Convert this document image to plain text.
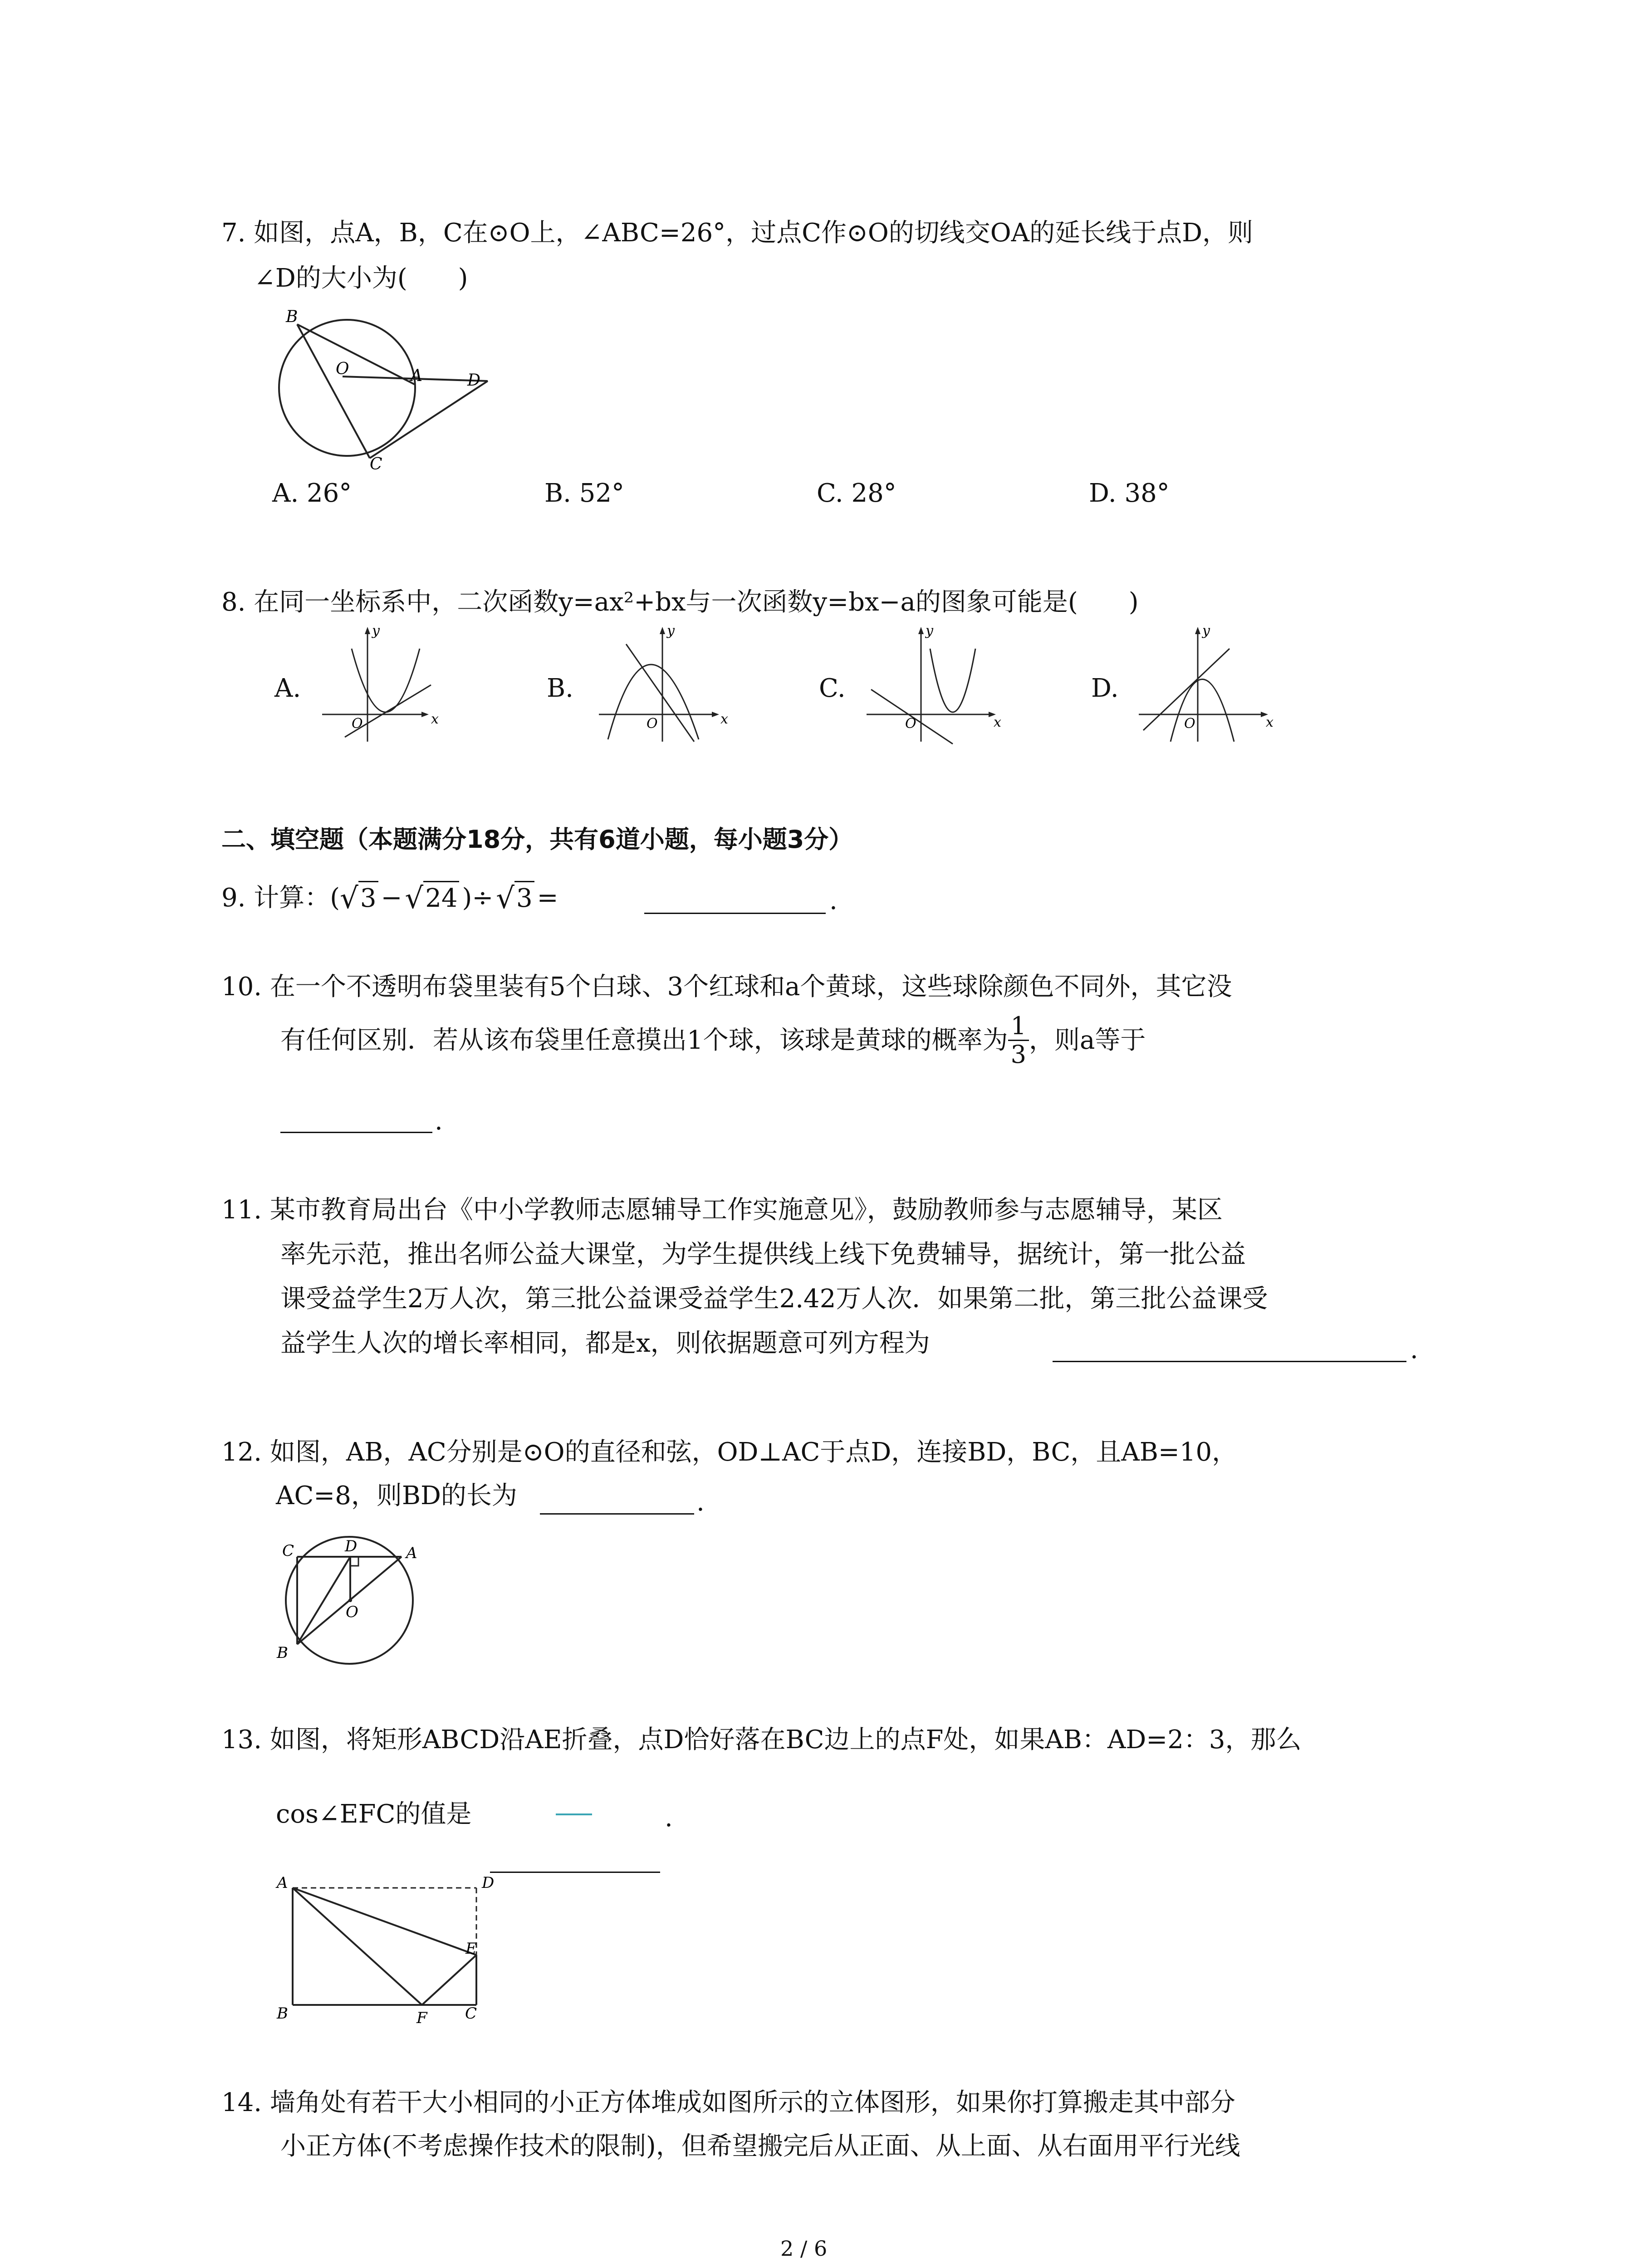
7. 如图，点A，B，C在⊙O上，∠ABC=26°，过点C作⊙O的切线交OA的延长线于点D，则
∠D的大小为(　　)
B
O	A	D
C
A. 26°	B. 52°	C. 28°	D. 38°
8. 在同一坐标系中，二次函数y=ax²+bx与一次函数y=bx−a的图象可能是(　　)
A.	B.	C.	D.
y
x
O
y
x
O
y
x
O
y
x
O
二、填空题（本题满分18分，共有6道小题，每小题3分）
9. 计算：( √ 3 − √ 24 )÷ √ 3 =	.
10. 在一个不透明布袋里装有5个白球、3个红球和a个黄球，这些球除颜色不同外，其它没
有任何区别．若从该布袋里任意摸出1个球，该球是黄球的概率为 $\frac{1}{3}$ ，则a等于
.
11. 某市教育局出台《中小学教师志愿辅导工作实施意见》，鼓励教师参与志愿辅导，某区
率先示范，推出名师公益大课堂，为学生提供线上线下免费辅导，据统计，第一批公益
课受益学生2万人次，第三批公益课受益学生2.42万人次．如果第二批，第三批公益课受
益学生人次的增长率相同，都是x，则依据题意可列方程为	.
12. 如图，AB，AC分别是⊙O的直径和弦，OD⊥AC于点D，连接BD，BC，且AB=10，
AC=8，则BD的长为	.
C	D	A
O
B
13. 如图，将矩形ABCD沿AE折叠，点D恰好落在BC边上的点F处，如果AB：AD=2：3，那么
cos∠EFC的值是	.
A	D
E
B	F C
14. 墙角处有若干大小相同的小正方体堆成如图所示的立体图形，如果你打算搬走其中部分
小正方体(不考虑操作技术的限制)，但希望搬完后从正面、从上面、从右面用平行光线
2 / 6
